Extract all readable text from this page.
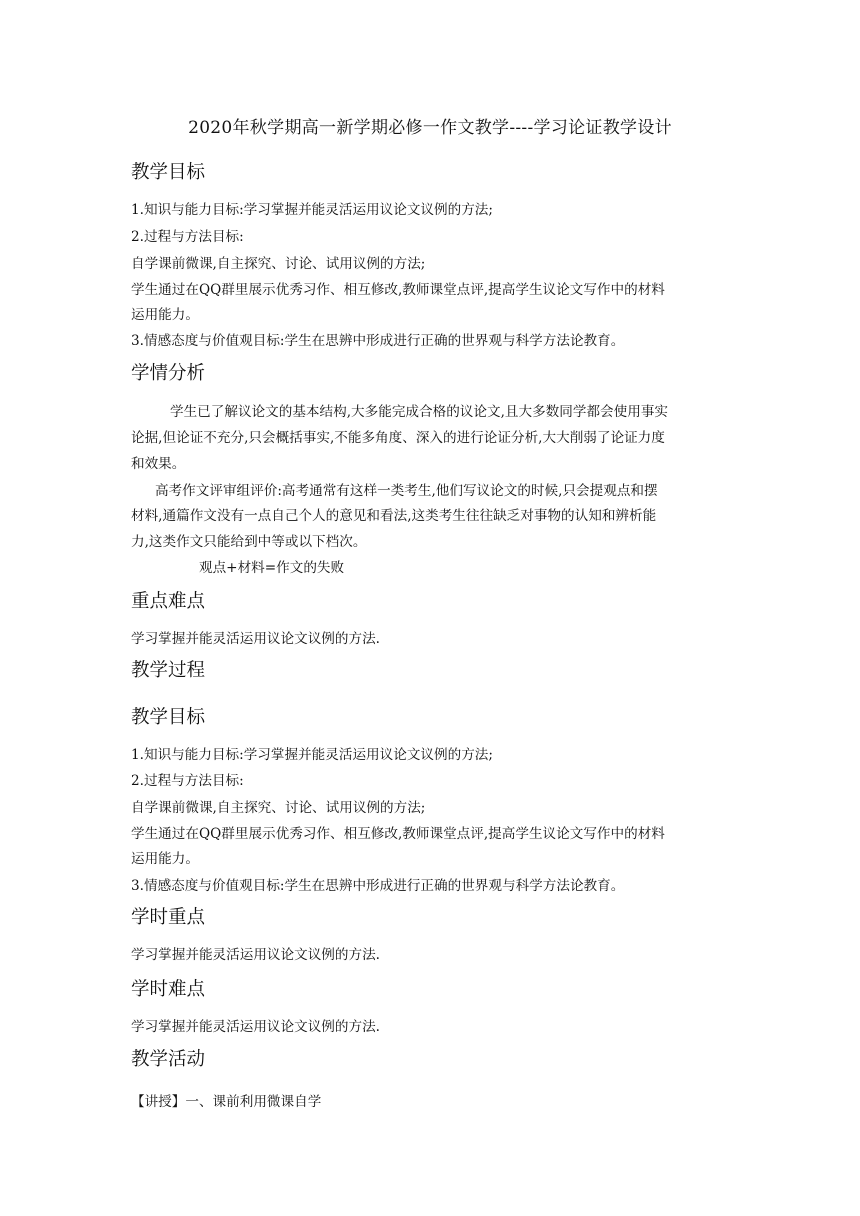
2020年秋学期高一新学期必修一作文教学----学习论证教学设计
教学目标

1.知识与能力目标:学习掌握并能灵活运用议论文议例的方法;

2.过程与方法目标:

自学课前微课,自主探究、讨论、试用议例的方法;

学生通过在QQ群里展示优秀习作、相互修改,教师课堂点评,提高学生议论文写作中的材料

运用能力。

3.情感态度与价值观目标:学生在思辨中形成进行正确的世界观与科学方法论教育。

学情分析

学生已了解议论文的基本结构,大多能完成合格的议论文,且大多数同学都会使用事实

论据,但论证不充分,只会概括事实,不能多角度、深入的进行论证分析,大大削弱了论证力度

和效果。

高考作文评审组评价:高考通常有这样一类考生,他们写议论文的时候,只会提观点和摆

材料,通篇作文没有一点自己个人的意见和看法,这类考生往往缺乏对事物的认知和辨析能

力,这类作文只能给到中等或以下档次。

观点+材料=作文的失败

重点难点

学习掌握并能灵活运用议论文议例的方法.

教学过程
教学目标

1.知识与能力目标:学习掌握并能灵活运用议论文议例的方法;

2.过程与方法目标:

自学课前微课,自主探究、讨论、试用议例的方法;

学生通过在QQ群里展示优秀习作、相互修改,教师课堂点评,提高学生议论文写作中的材料

运用能力。

3.情感态度与价值观目标:学生在思辨中形成进行正确的世界观与科学方法论教育。

学时重点

学习掌握并能灵活运用议论文议例的方法.

学时难点

学习掌握并能灵活运用议论文议例的方法.

教学活动

【讲授】一、课前利用微课自学
